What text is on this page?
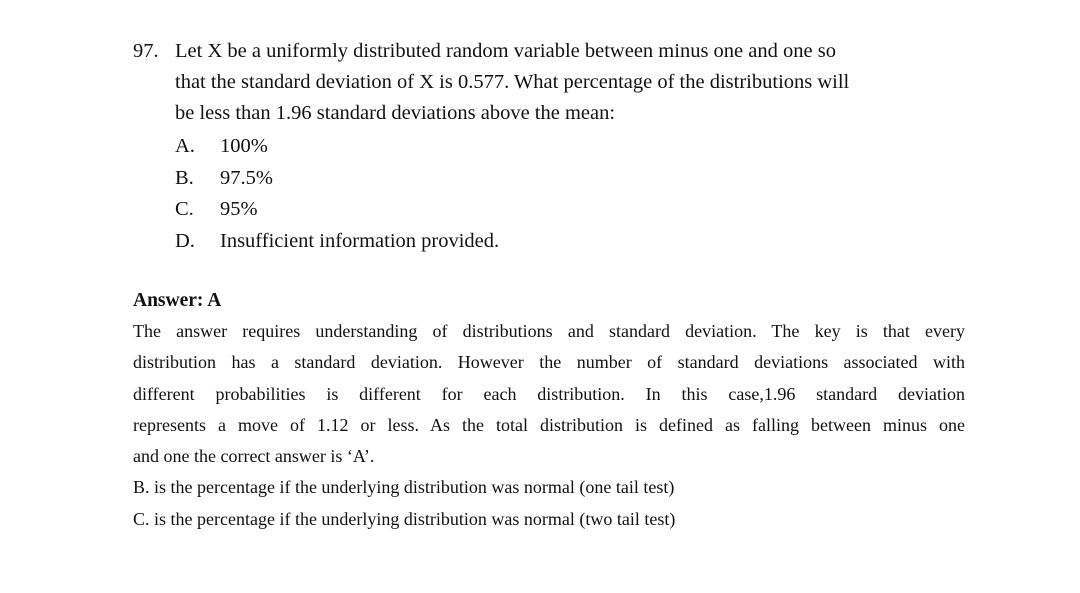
97. Let X be a uniformly distributed random variable between minus one and one so
that the standard deviation of X is 0.577. What percentage of the distributions will
be less than 1.96 standard deviations above the mean:
A. 100%
B. 97.5%
C. 95%
D. Insufficient information provided.
Answer: A
The answer requires understanding of distributions and standard deviation. The key is that every
distribution has a standard deviation. However the number of standard deviations associated with
different probabilities is different for each distribution. In this case,1.96 standard deviation
represents a move of 1.12 or less. As the total distribution is defined as falling between minus one
and one the correct answer is ‘A’.
B. is the percentage if the underlying distribution was normal (one tail test)
C. is the percentage if the underlying distribution was normal (two tail test)
